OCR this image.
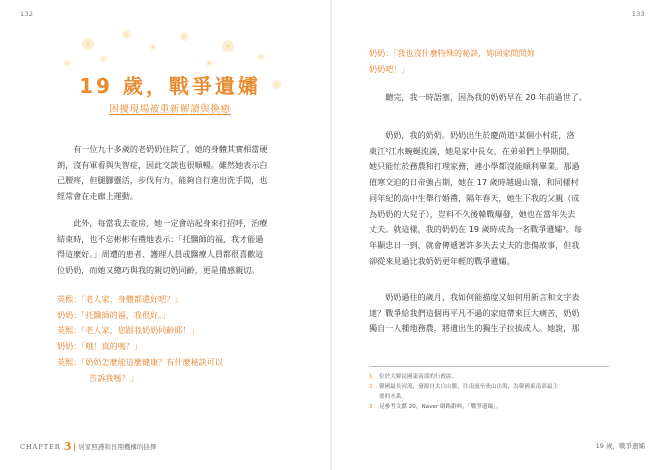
132
19 歲，戰爭遺孀
困擾現場被重新解讀與換癒
　　有一位九十多歲的老奶奶住院了，她的身體其實相當硬
朗，沒有軍看與失智症，因此交談也很順暢。雖然她表示白
己腰疼，但腿腳靈活，步伐有力，能夠自行進出洗手間，也
經常會在走廊上運動。
　　此外，每當我去查房，她一定會站起身來打招呼，治療
結束時，也不忘彬彬有禮地表示：「托醫師的福，我才能過
得這麼好。」周遭的患者、護理人員或醫療人員都很喜歡這
位奶奶，而她又總巧與我的親切奶同齡，更是備感親切。
英熙：「老人家，身體都還好吧？」
奶奶：「托醫師的福，我很好。」
英熙：「老人家，您跟我奶奶同齡耶！」
奶奶：「哦！真的嗎？」
英熙：「奶奶怎麼能這麼健康？有什麼秘訣可以
告訴我嗎？」
CHAPTER 3 居家照護和長期機構的抉擇
133
19 歲，戰爭遺孀
奶奶：「我也沒什麼特殊的秘訣，妳回家問問妳
奶奶吧！」
　　聽完，我一時語塞，因為我的奶奶早在 20 年前過世了。
　　奶奶，我的奶奶。奶奶出生於慶尚道¹某個小村莊，洛
東江²江水蜿蜒流淌，她是家中長女，在弟弟們上學期間，
她只能忙於務農和打理家務，連小學都沒能順利畢業。那過
值寒交迫的日帝強占期，她在 17 歲時越過山嶺，和同樣村
同年紀的高中生舉行婚禮，隔年春天，她生下我的父親（成
為奶奶的大兒子），豈料不久後韓戰爆發，她也在當年失去
丈夫。就這樣，我的奶奶在 19 歲時成為一名戰爭遺孀³。每
年顯忠日一到，就會傳遞著許多失去丈夫的悲傷故事，但我
卻從來見過比我奶奶更年輕的戰爭遺孀。
　　奶奶過往的歲月，我如何能描度又如何用新言和文字表
達？戰爭給我們這個再平凡不過的家庭帶來巨大痛苦，奶奶
獨自一人種地務農，將遺出生的獨生子拉拔成人。她說，那
1	位於大韓民國東南部的行政區。
2	韓國最長河流，發源自太白山脈，往南流至釜山出海，為韓國東南部最主
要的水系。
3	見參考文獻 20，Naver 網路辭典，「戰爭遺孀」。
